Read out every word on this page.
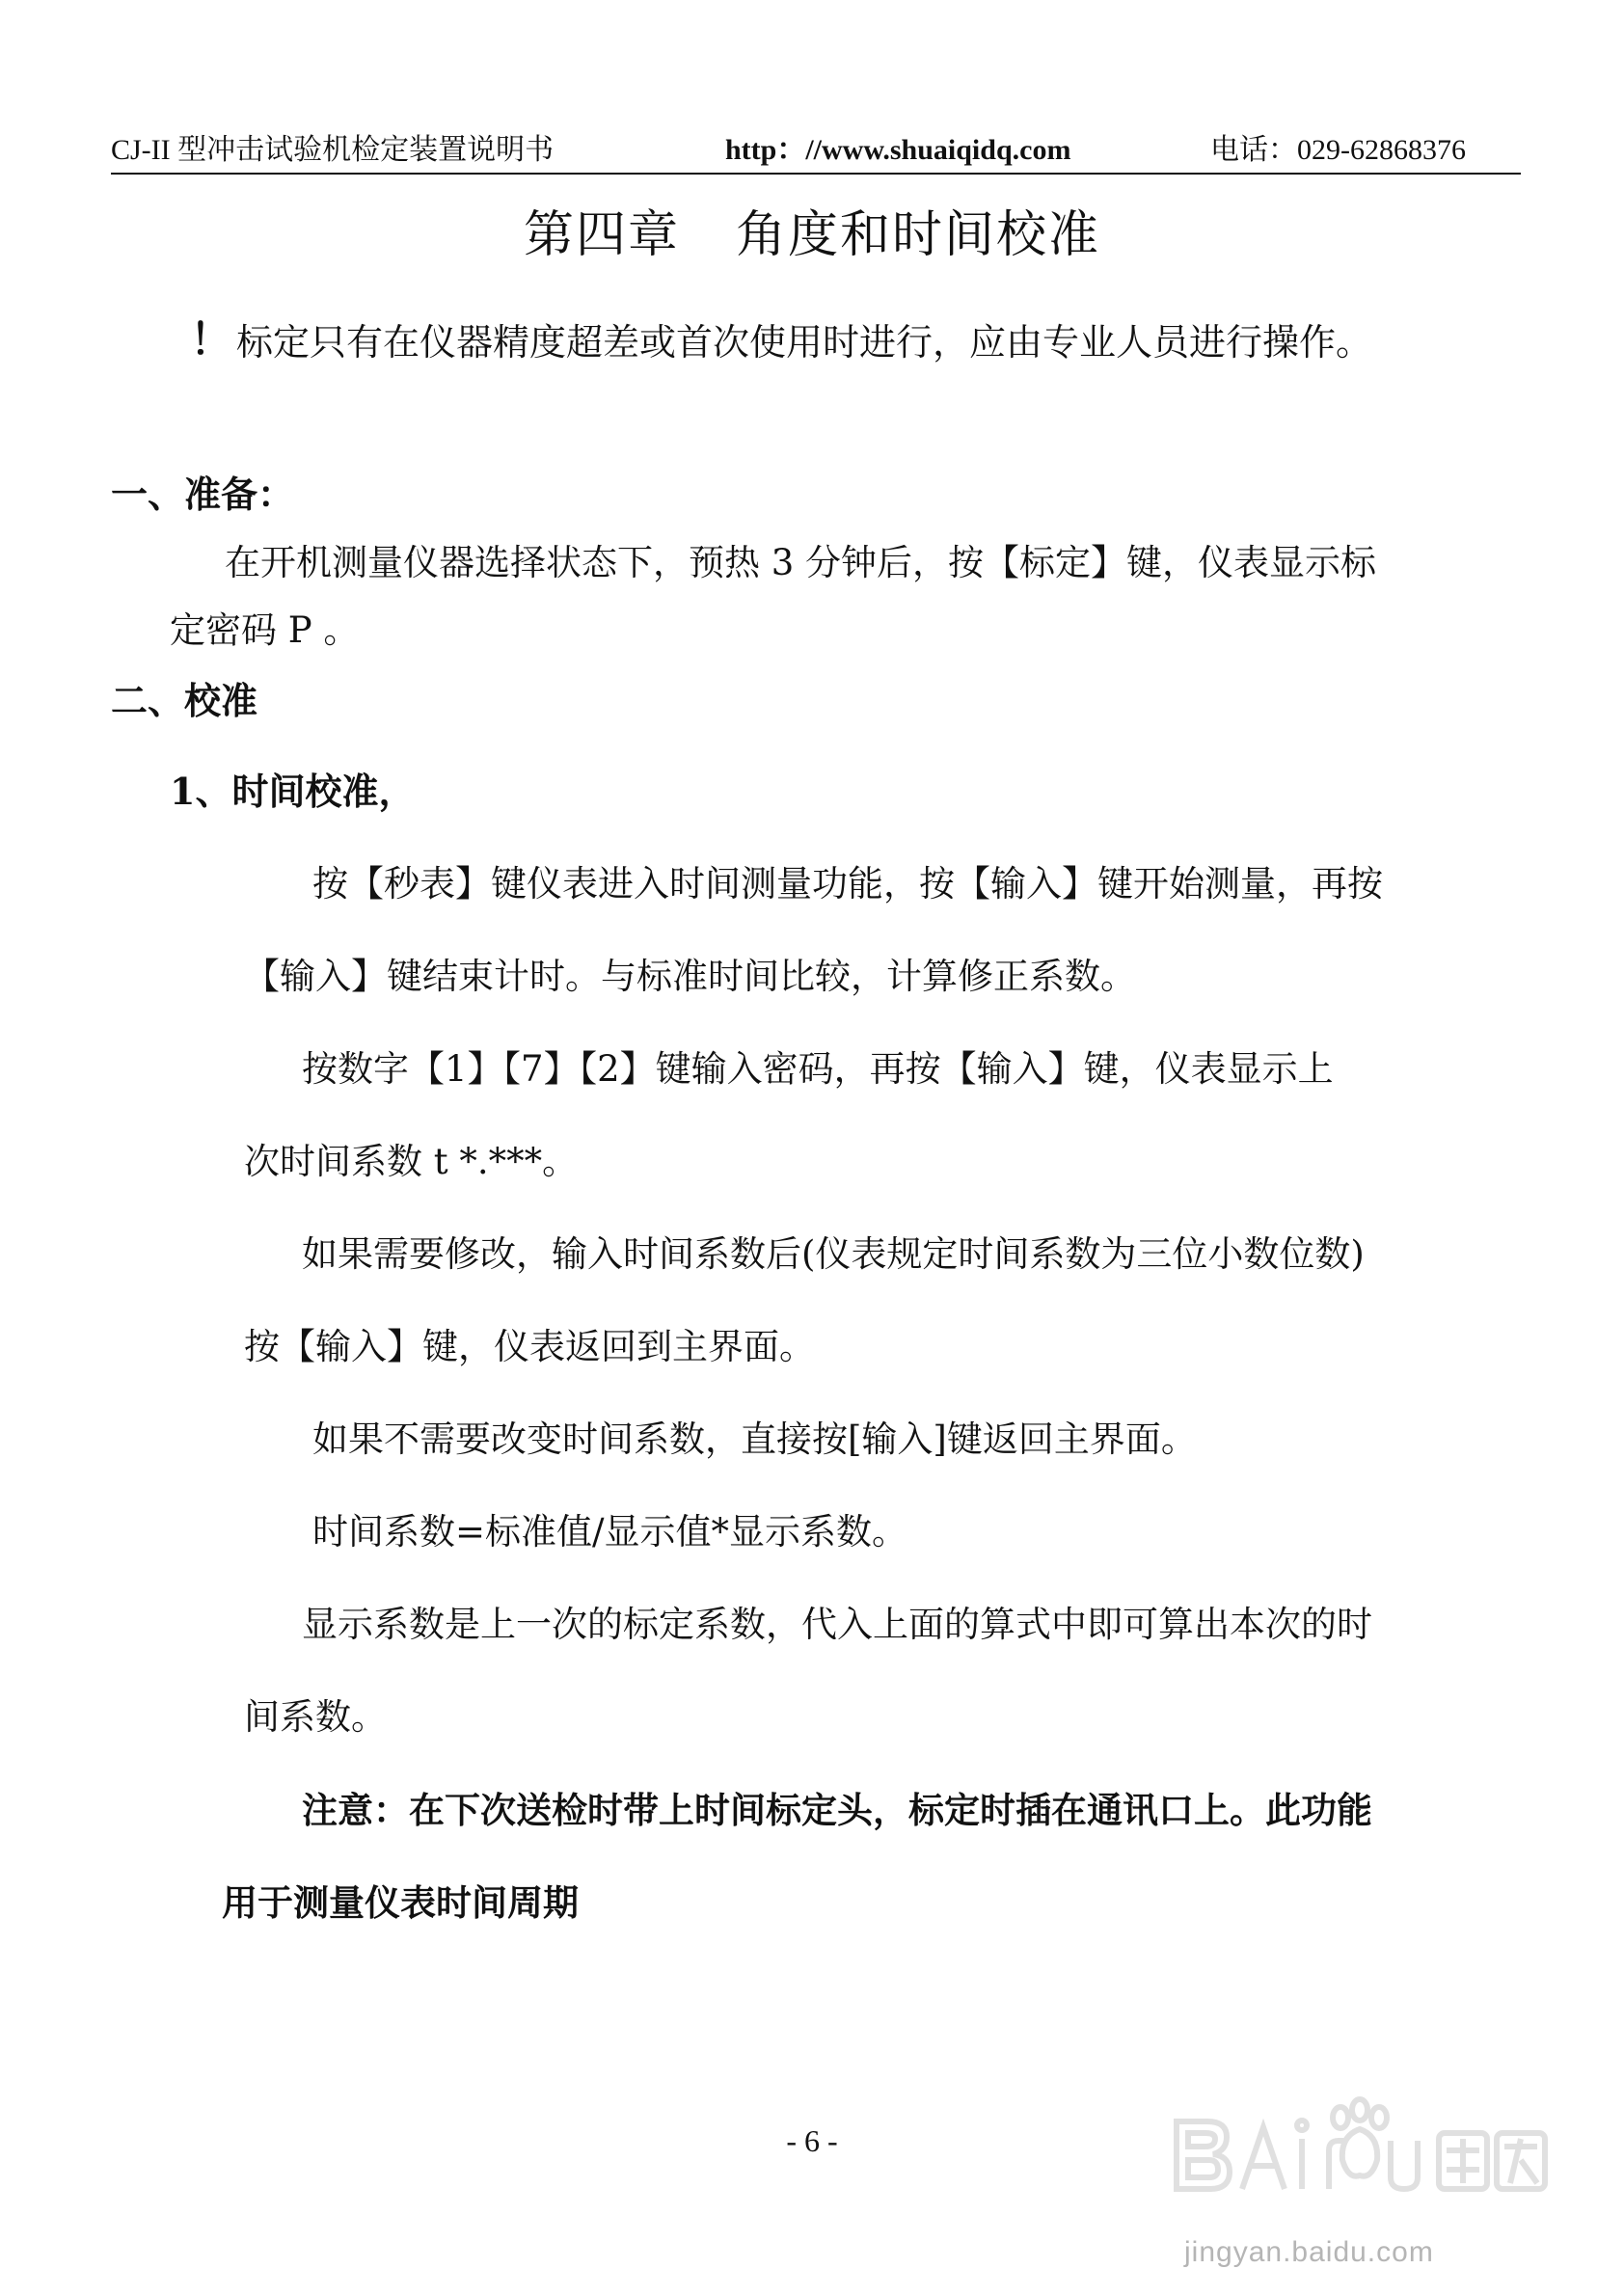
CJ-II 型冲击试验机检定装置说明书	http：//www.shuaiqidq.com	电话：029-62868376
第四章 角度和时间校准
！ 标定只有在仪器精度超差或首次使用时进行，应由专业人员进行操作。
一、准备：
在开机测量仪器选择状态下，预热 3 分钟后，按【标定】键，仪表显示标
定密码 P 。
二、校准
1、时间校准，
按【秒表】键仪表进入时间测量功能，按【输入】键开始测量，再按
【输入】键结束计时。与标准时间比较，计算修正系数。
按数字【1】【7】【2】键输入密码，再按【输入】键，仪表显示上
次时间系数 t *.***。
如果需要修改，输入时间系数后(仪表规定时间系数为三位小数位数)
按【输入】键，仪表返回到主界面。
如果不需要改变时间系数，直接按[输入]键返回主界面。
时间系数=标准值/显示值*显示系数。
显示系数是上一次的标定系数，代入上面的算式中即可算出本次的时
间系数。
注意：在下次送检时带上时间标定头，标定时插在通讯口上。此功能
用于测量仪表时间周期
- 6 -
jingyan.baidu.com
